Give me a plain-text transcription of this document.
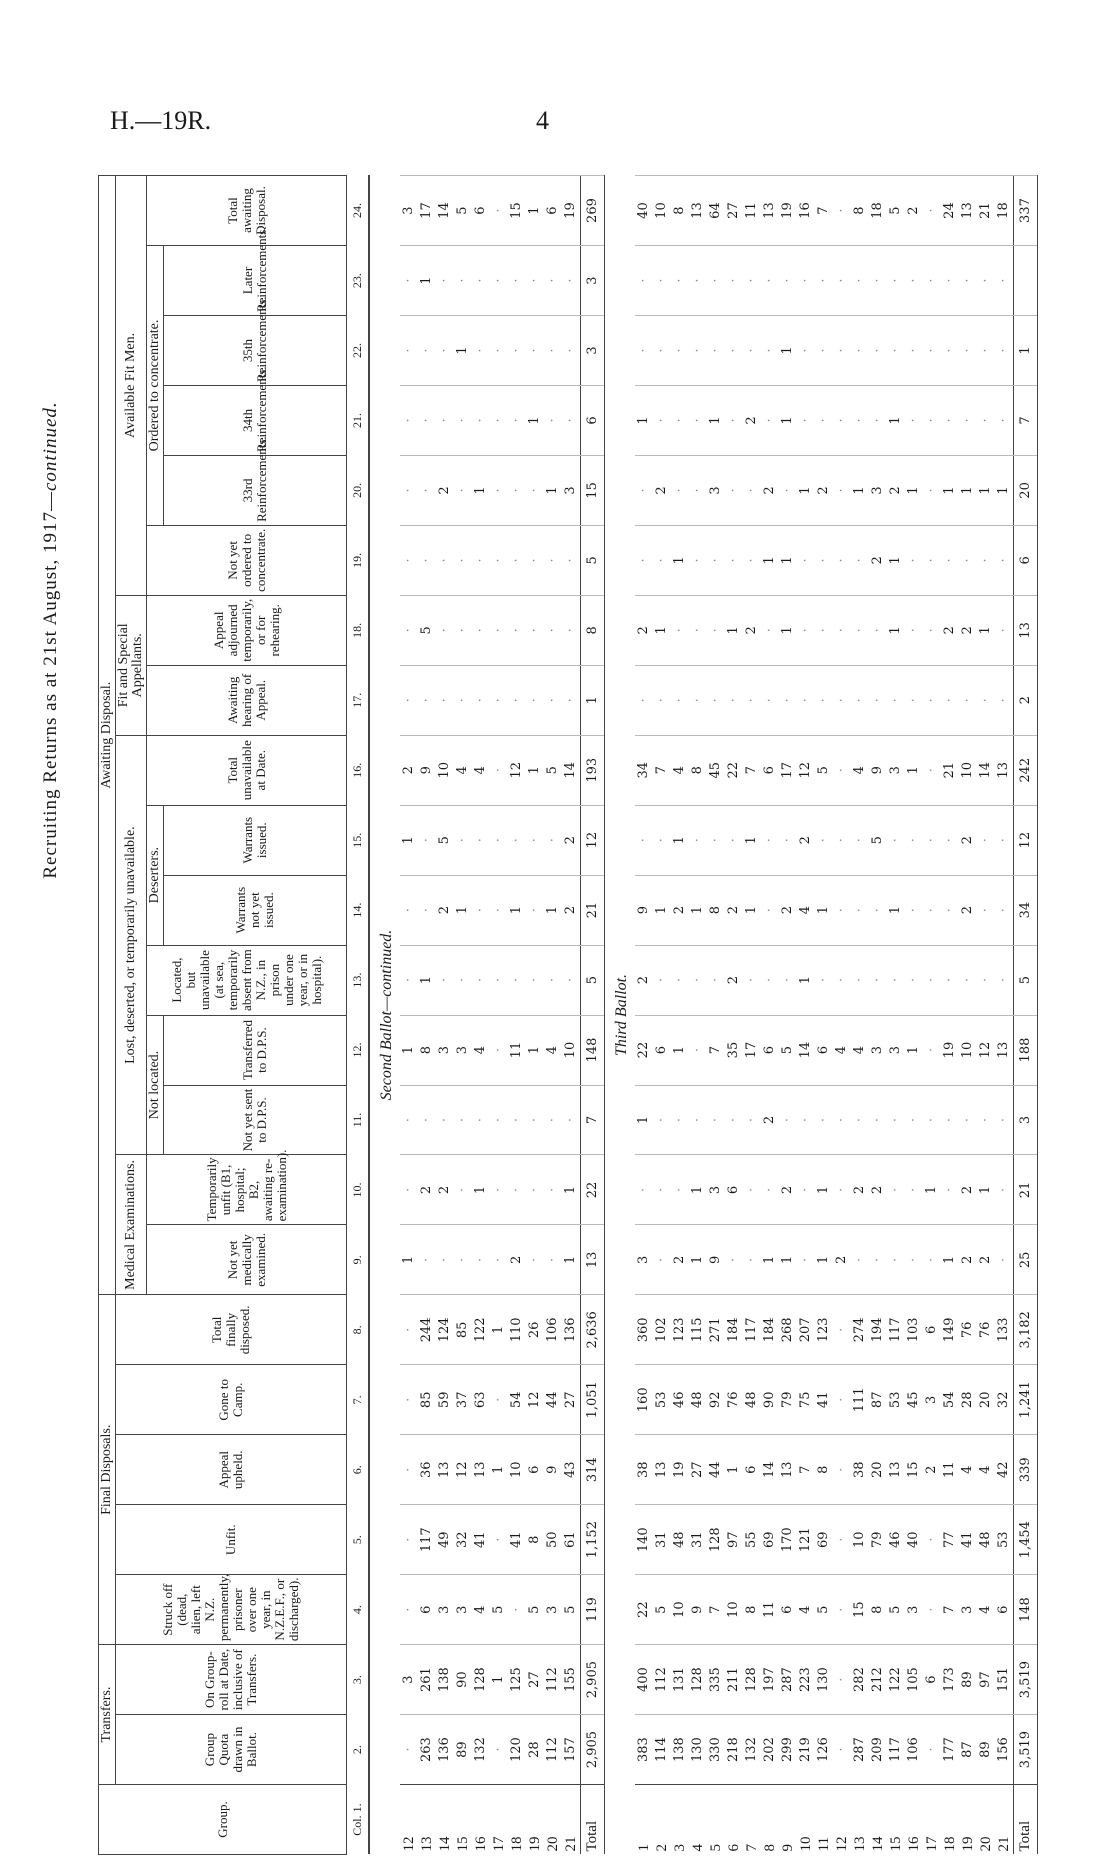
H.—19R.	4
Recruiting Returns as at 21st August, 1917—continued.
Group.	Transfers.		Final Disposals.					Awaiting Disposal.															
	Group Quota drawn in Ballot.	On Group-roll at Date, inclusive of Transfers.	Struck off (dead, alien, left N.Z. permanently, prisoner over one year, in N.Z.E.F., or discharged).	Unfit.	Appeal upheld.	Gone to Camp.	Total finally disposed.	Medical Examinations.		Lost, deserted, or temporarily unavailable.						Fit and Special Appellants.		Available Fit Men.					
								Not yet medically examined.	Temporarily unfit (B1, hospital; B2, awaiting re-examination).	Not located.		Located, but unavailable (at sea, temporarily absent from N.Z., in prison under one year, or in hospital).	Deserters.		Total unavailable at Date.	Awaiting hearing of Appeal.	Appeal adjourned temporarily, or for rehearing.	Not yet ordered to concentrate.	Ordered to concentrate.				Total awaiting Disposal.
										Not yet sent to D.P.S.	Transferred to D.P.S.		Warrants not yet issued.	Warrants issued.					33rd Reinforcements.	34th Reinforcements.	35th Reinforcements.	Later Reinforcements.	
Col. 1.	2.	3.	4.	5.	6.	7.	8.	9.	10.	11.	12.	13.	14.	15.	16.	17.	18.	19.	20.	21.	22.	23.	24.
Second Ballot—continued.																							
12	·	3	·	·	·	·	·	1	·	·	1	·	·	1	2	·	·	·	·	·	·	·	3
13	263	261	6	117	36	85	244	·	2	·	8	1	·	·	9	·	5	·	·	·	·	1	17
14	136	138	3	49	13	59	124	·	2	·	3	·	2	5	10	·	·	·	2	·	·	·	14
15	89	90	3	32	12	37	85	·	·	·	3	·	1	·	4	·	·	·	·	·	1	·	5
16	132	128	4	41	13	63	122	·	1	·	4	·	·	·	4	·	·	·	1	·	·	·	6
17	·	1	5	·	1	·	1	·	·	·	·	·	·	·	·	·	·	·	·	·	·	·	·
18	120	125	·	41	10	54	110	2	·	·	11	·	1	·	12	·	·	·	·	·	·	·	15
19	28	27	5	8	6	12	26	·	·	·	1	·	·	·	1	·	·	·	·	1	·	·	1
20	112	112	3	50	9	44	106	·	·	·	4	·	1	·	5	·	·	·	1	·	·	·	6
21	157	155	5	61	43	27	136	1	1	·	10	·	2	2	14	·	·	·	3	·	·	·	19
Total	2,905	2,905	119	1,152	314	1,051	2,636	13	22	7	148	5	21	12	193	1	8	5	15	6	3	3	269
Third Ballot.																							
1	383	400	22	140	38	160	360	3	·	1	22	2	9	·	34	·	2	·	·	1	·	·	40
2	114	112	5	31	13	53	102	·	·	·	6	·	1	·	7	·	1	·	2	·	·	·	10
3	138	131	10	48	19	46	123	2	·	·	1	·	2	1	4	·	·	1	·	·	·	·	8
4	130	128	9	31	27	48	115	1	1	·	·	·	1	·	8	·	·	·	·	·	·	·	13
5	330	335	7	128	44	92	271	9	3	·	7	·	8	·	45	·	·	·	3	1	·	·	64
6	218	211	10	97	1	76	184	·	6	·	35	2	2	·	22	·	1	·	·	·	·	·	27
7	132	128	8	55	6	48	117	·	·	·	17	·	1	1	7	·	2	·	·	2	·	·	11
8	202	197	11	69	14	90	184	1	·	2	6	·	·	·	6	·	·	1	2	·	·	·	13
9	299	287	6	170	13	79	268	1	2	·	5	·	2	·	17	·	1	1	·	1	1	·	19
10	219	223	4	121	7	75	207	·	·	·	14	1	4	2	12	·	·	·	1	·	·	·	16
11	126	130	5	69	8	41	123	1	1	·	6	·	1	·	5	·	·	·	2	·	·	·	7
12	·	·	·	·	·	·	·	2	·	·	4	·	·	·	·	·	·	·	·	·	·	·	·
13	287	282	15	10	38	111	274	·	2	·	4	·	·	·	4	·	·	·	1	·	·	·	8
14	209	212	8	79	20	87	194	·	2	·	3	·	·	5	9	·	·	2	3	·	·	·	18
15	117	122	5	46	13	53	117	·	·	·	3	·	1	·	3	·	1	1	2	1	·	·	5
16	106	105	3	40	15	45	103	·	·	·	1	·	·	·	1	·	·	·	1	·	·	·	2
17	·	6	·	·	2	3	6	·	1	·	·	·	·	·	·	·	·	·	·	·	·	·	·
18	177	173	7	77	11	54	149	1	·	·	19	·	·	·	21	·	2	·	1	·	·	·	24
19	87	89	3	41	4	28	76	2	2	·	10	·	2	2	10	·	2	·	1	·	·	·	13
20	89	97	4	48	4	20	76	2	1	·	12	·	·	·	14	·	1	·	1	·	·	·	21
21	156	151	6	53	42	32	133	·	·	·	13	·	·	·	13	·	·	·	1	·	·	·	18
Total	3,519	3,519	148	1,454	339	1,241	3,182	25	21	3	188	5	34	12	242	2	13	6	20	7	1		337
